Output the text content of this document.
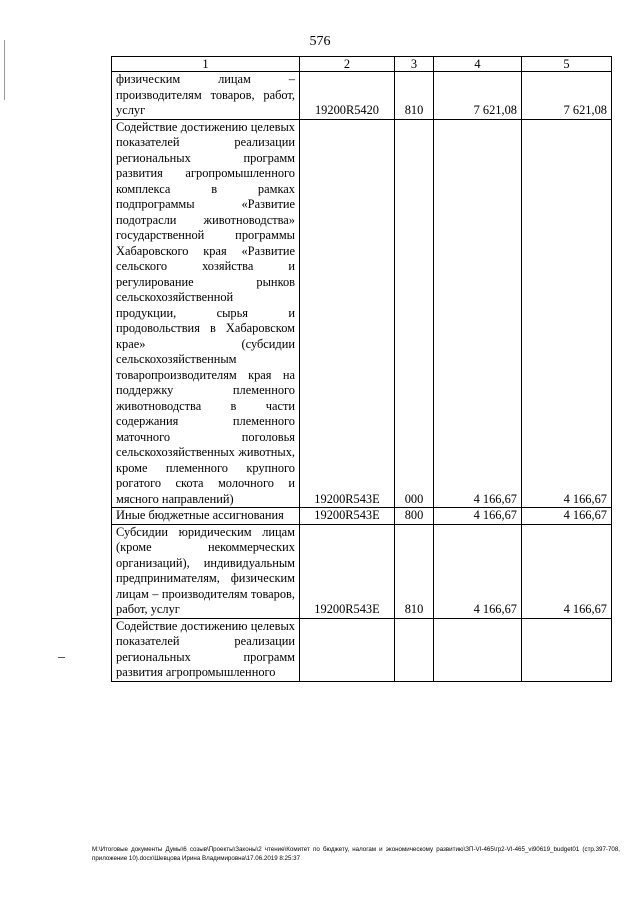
576
1	2	3	4	5
физическим лицам – производителям товаров, работ, услуг	19200R5420	810	7 621,08	7 621,08
Содействие достижению целевых показателей реализации региональных программ развития агропромышленного комплекса в рамках подпрограммы «Развитие подотрасли животноводства» государственной программы Хабаровского края «Развитие сельского хозяйства и регулирование рынков сельскохозяйственной продукции, сырья и продовольствия в Хабаровском крае» (субсидии сельскохозяйственным товаропроизводителям края на поддержку племенного животноводства в части содержания племенного маточного поголовья сельскохозяйственных животных, кроме племенного крупного рогатого скота молочного и мясного направлений)	19200R543E	000	4 166,67	4 166,67
Иные бюджетные ассигнования	19200R543E	800	4 166,67	4 166,67
Субсидии юридическим лицам (кроме некоммерческих организаций), индивидуальным предпринимателям, физическим лицам – производителям товаров, работ, услуг	19200R543E	810	4 166,67	4 166,67
Содействие достижению целевых показателей реализации региональных программ развития агропромышленного				
М:\Итоговые документы Думы\6 созыв\Проекты\Законы\2 чтение\Комитет по бюджету, налогам и экономическому развитию\ЗП-VI-465\гр2-VI-465_vi90619_budget01 (стр.397-708, приложение 10).docx\Шевцова Ирина Владимировна\17.06.2019 8:25:37
